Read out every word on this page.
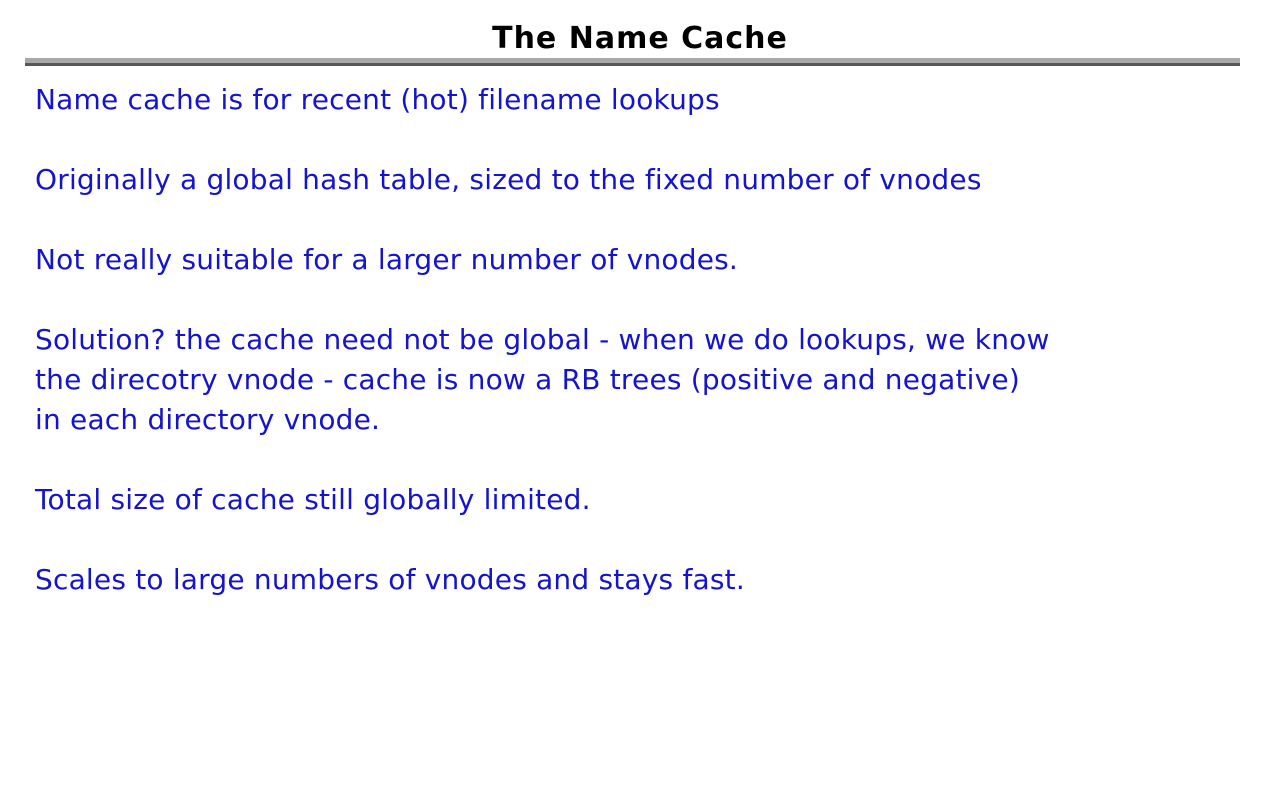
The Name Cache
Name cache is for recent (hot) filename lookups
Originally a global hash table, sized to the fixed number of vnodes
Not really suitable for a larger number of vnodes.
Solution? the cache need not be global - when we do lookups, we know
the direcotry vnode - cache is now a RB trees (positive and negative)
in each directory vnode.
Total size of cache still globally limited.
Scales to large numbers of vnodes and stays fast.
